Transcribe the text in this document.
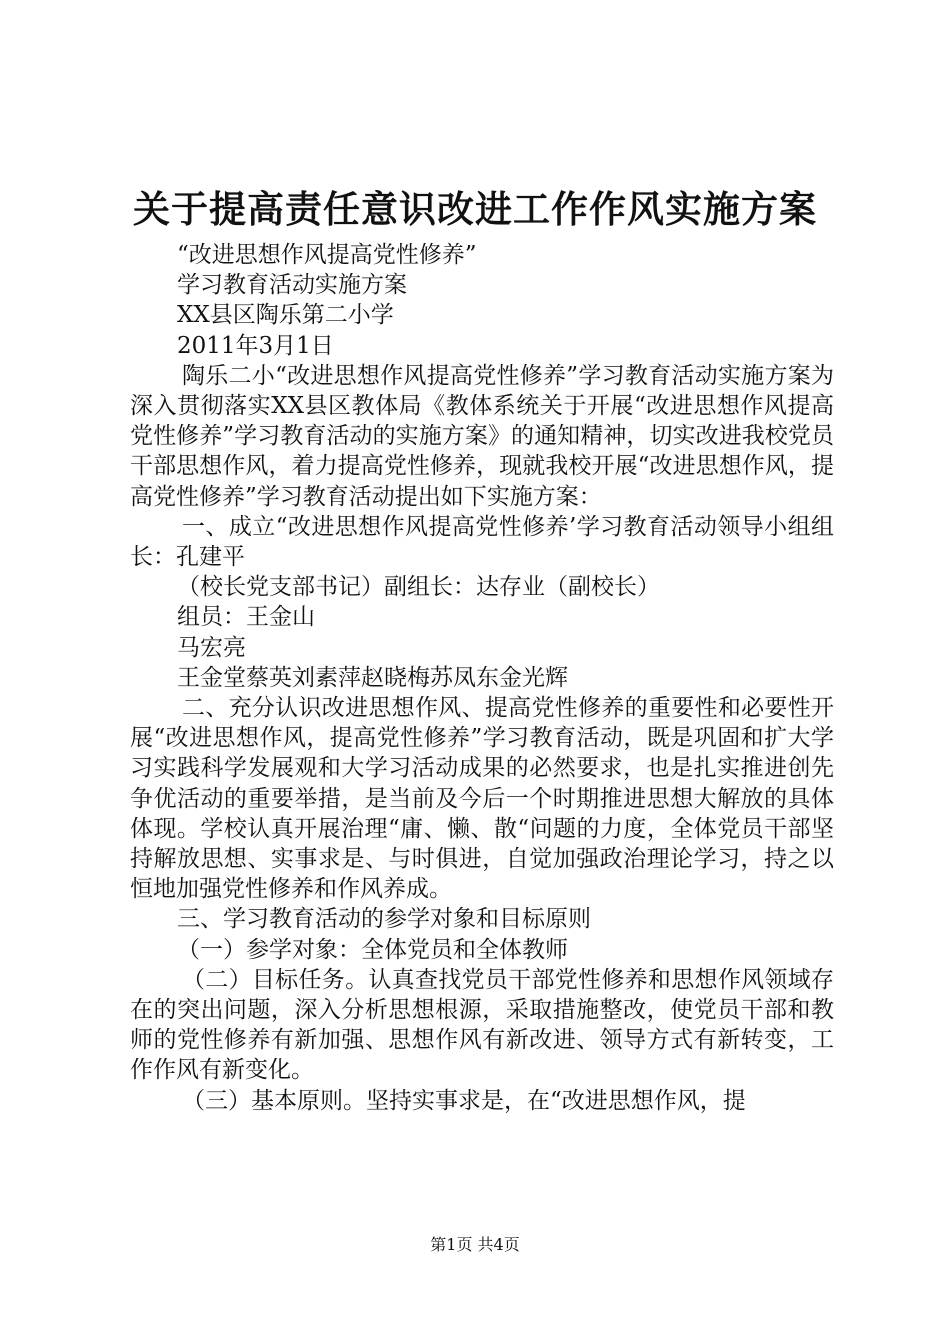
关于提高责任意识改进工作作风实施方案

“改进思想作风提高党性修养”

学习教育活动实施方案

XX县区陶乐第二小学

2011年3月1日

陶乐二小“改进思想作风提高党性修养”学习教育活动实施方案为深入贯彻落实XX县区教体局《教体系统关于开展“改进思想作风提高党性修养”学习教育活动的实施方案》的通知精神，切实改进我校党员干部思想作风，着力提高党性修养，现就我校开展“改进思想作风，提高党性修养”学习教育活动提出如下实施方案：

一、成立“改进思想作风提高党性修养’学习教育活动领导小组组长：孔建平

（校长党支部书记）副组长：达存业（副校长）

组员：王金山

马宏亮

王金堂蔡英刘素萍赵晓梅苏凤东金光辉

二、充分认识改进思想作风、提高党性修养的重要性和必要性开展“改进思想作风，提高党性修养”学习教育活动，既是巩固和扩大学习实践科学发展观和大学习活动成果的必然要求，也是扎实推进创先争优活动的重要举措，是当前及今后一个时期推进思想大解放的具体体现。学校认真开展治理“庸、懒、散“问题的力度，全体党员干部坚持解放思想、实事求是、与时俱进，自觉加强政治理论学习，持之以恒地加强党性修养和作风养成。

三、学习教育活动的参学对象和目标原则

（一）参学对象：全体党员和全体教师

（二）目标任务。认真查找党员干部党性修养和思想作风领域存在的突出问题，深入分析思想根源，采取措施整改，使党员干部和教师的党性修养有新加强、思想作风有新改进、领导方式有新转变，工作作风有新变化。

（三）基本原则。坚持实事求是，在“改进思想作风，提

第1页 共4页
